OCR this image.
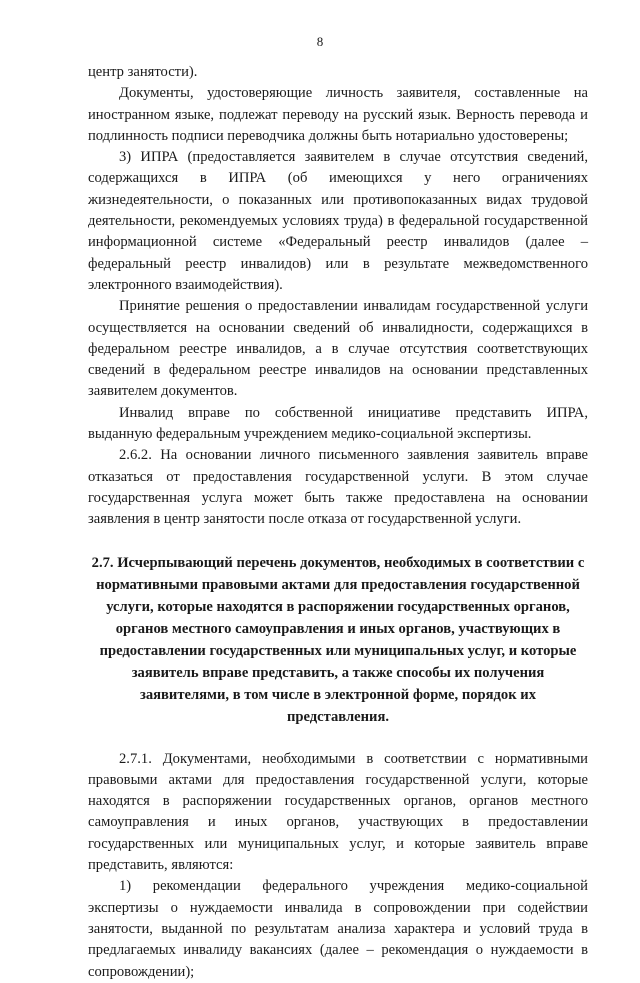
8

центр занятости).

Документы, удостоверяющие личность заявителя, составленные на иностранном языке, подлежат переводу на русский язык. Верность перевода и подлинность подписи переводчика должны быть нотариально удостоверены;

3) ИПРА (предоставляется заявителем в случае отсутствия сведений, содержащихся в ИПРА (об имеющихся у него ограничениях жизнедеятельности, о показанных или противопоказанных видах трудовой деятельности, рекомендуемых условиях труда) в федеральной государственной информационной системе «Федеральный реестр инвалидов (далее – федеральный реестр инвалидов) или в результате межведомственного электронного взаимодействия).

Принятие решения о предоставлении инвалидам государственной услуги осуществляется на основании сведений об инвалидности, содержащихся в федеральном реестре инвалидов, а в случае отсутствия соответствующих сведений в федеральном реестре инвалидов на основании представленных заявителем документов.

Инвалид вправе по собственной инициативе представить ИПРА, выданную федеральным учреждением медико-социальной экспертизы.

2.6.2. На основании личного письменного заявления заявитель вправе отказаться от предоставления государственной услуги. В этом случае государственная услуга может быть также предоставлена на основании заявления в центр занятости после отказа от государственной услуги.

2.7. Исчерпывающий перечень документов, необходимых в соответствии с нормативными правовыми актами для предоставления государственной услуги, которые находятся в распоряжении государственных органов, органов местного самоуправления и иных органов, участвующих в предоставлении государственных или муниципальных услуг, и которые заявитель вправе представить, а также способы их получения заявителями, в том числе в электронной форме, порядок их представления.

2.7.1. Документами, необходимыми в соответствии с нормативными правовыми актами для предоставления государственной услуги, которые находятся в распоряжении государственных органов, органов местного самоуправления и иных органов, участвующих в предоставлении государственных или муниципальных услуг, и которые заявитель вправе представить, являются:

1) рекомендации федерального учреждения медико-социальной экспертизы о нуждаемости инвалида в сопровождении при содействии занятости, выданной по результатам анализа характера и условий труда в предлагаемых инвалиду вакансиях (далее – рекомендация о нуждаемости в сопровождении);
